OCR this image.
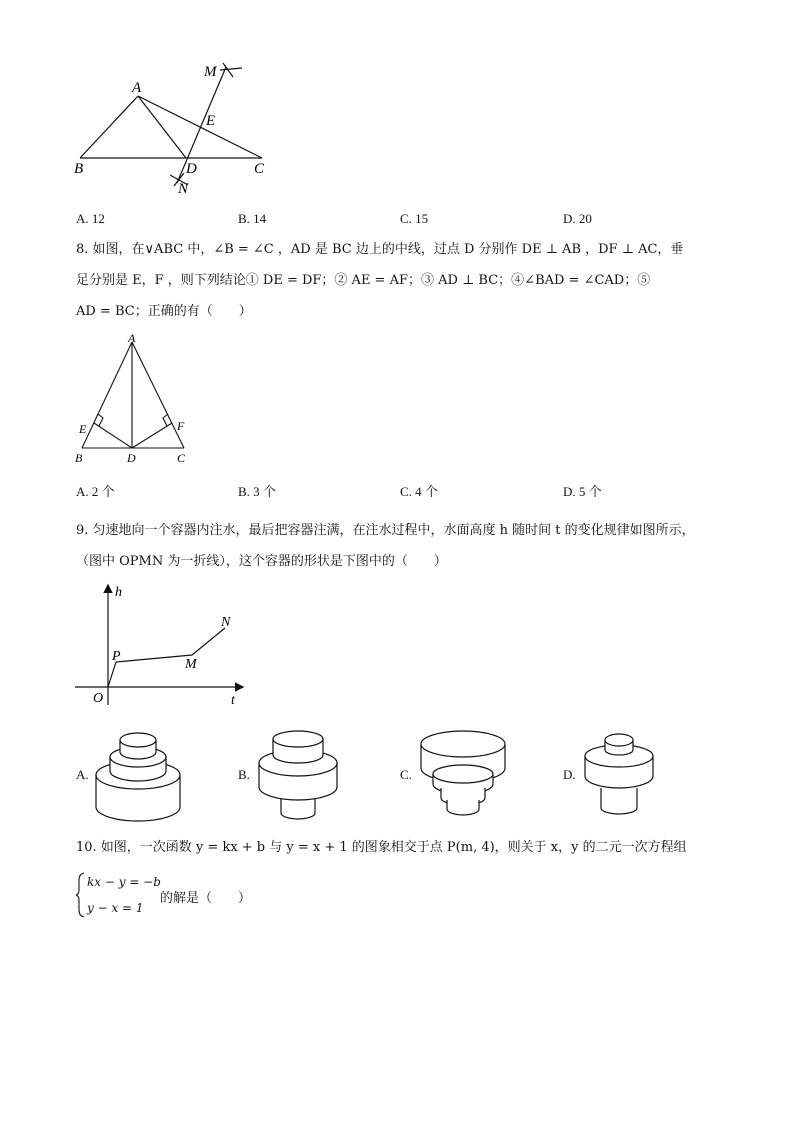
A
B	C
D
E
M
N
A. 12	B. 14	C. 15	D. 20
8. 如图，在∨ABC 中，∠B = ∠C ，AD 是 BC 边上的中线，过点 D 分别作 DE ⊥ AB ，DF ⊥ AC，垂
足分别是 E，F ，则下列结论① DE = DF；② AE = AF；③ AD ⊥ BC；④∠BAD = ∠CAD；⑤
AD = BC；正确的有（　　）
A
B	C
D
E	F
A. 2 个	B. 3 个	C. 4 个	D. 5 个
9. 匀速地向一个容器内注水，最后把容器注满，在注水过程中，水面高度 h 随时间 t 的变化规律如图所示，
（图中 OPMN 为一折线），这个容器的形状是下图中的（　　）
h
t
O
P
M
N
A.	B.	C.	D.
10. 如图，一次函数 y = kx + b 与 y = x + 1 的图象相交于点 P(m, 4)，则关于 x，y 的二元一次方程组
kx − y = −b
y − x = 1
的解是（　　）
